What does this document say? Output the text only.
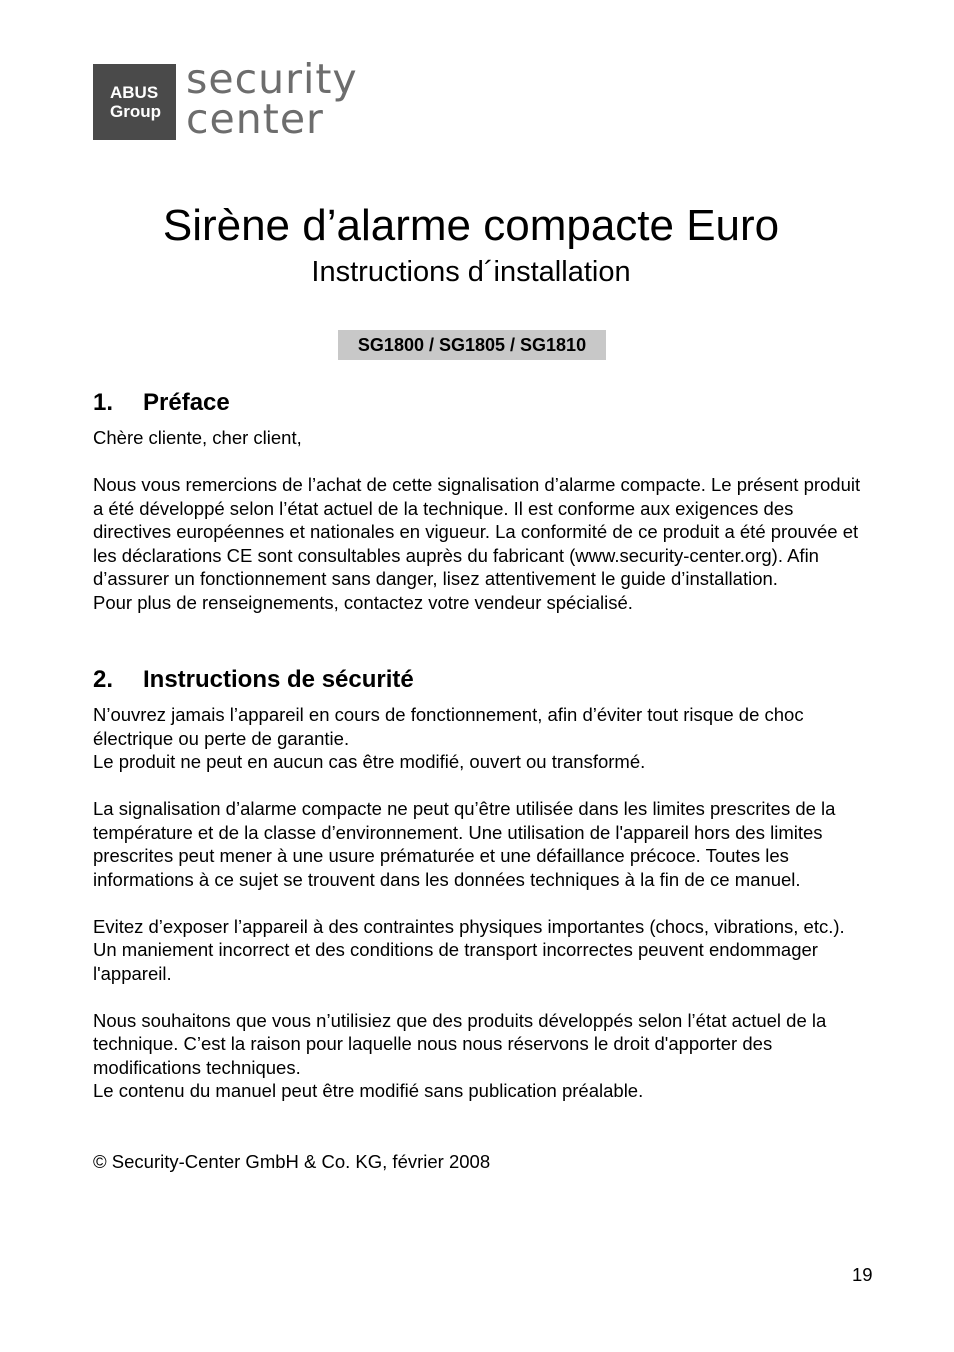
ABUS
Group
security
center
Sirène d’alarme compacte Euro
Instructions d´installation
SG1800 / SG1805 / SG1810
1. Préface

Chère cliente, cher client,

Nous vous remercions de l’achat de cette signalisation d’alarme compacte. Le présent produit a été développé selon l’état actuel de la technique. Il est conforme aux exigences des directives européennes et nationales en vigueur. La conformité de ce produit a été prouvée et les déclarations CE sont consultables auprès du fabricant (www.security-center.org). Afin d’assurer un fonctionnement sans danger, lisez attentivement le guide d’installation.

Pour plus de renseignements, contactez votre vendeur spécialisé.

2. Instructions de sécurité

N’ouvrez jamais l’appareil en cours de fonctionnement, afin d’éviter tout risque de choc électrique ou perte de garantie.

Le produit ne peut en aucun cas être modifié, ouvert ou transformé.

La signalisation d’alarme compacte ne peut qu’être utilisée dans les limites prescrites de la température et de la classe d’environnement. Une utilisation de l'appareil hors des limites prescrites peut mener à une usure prématurée et une défaillance précoce. Toutes les informations à ce sujet se trouvent dans les données techniques à la fin de ce manuel.

Evitez d’exposer l’appareil à des contraintes physiques importantes (chocs, vibrations, etc.). Un maniement incorrect et des conditions de transport incorrectes peuvent endommager l'appareil.

Nous souhaitons que vous n’utilisiez que des produits développés selon l’état actuel de la technique. C’est la raison pour laquelle nous nous réservons le droit d'apporter des modifications techniques.

Le contenu du manuel peut être modifié sans publication préalable.

© Security-Center GmbH & Co. KG, février 2008

19
